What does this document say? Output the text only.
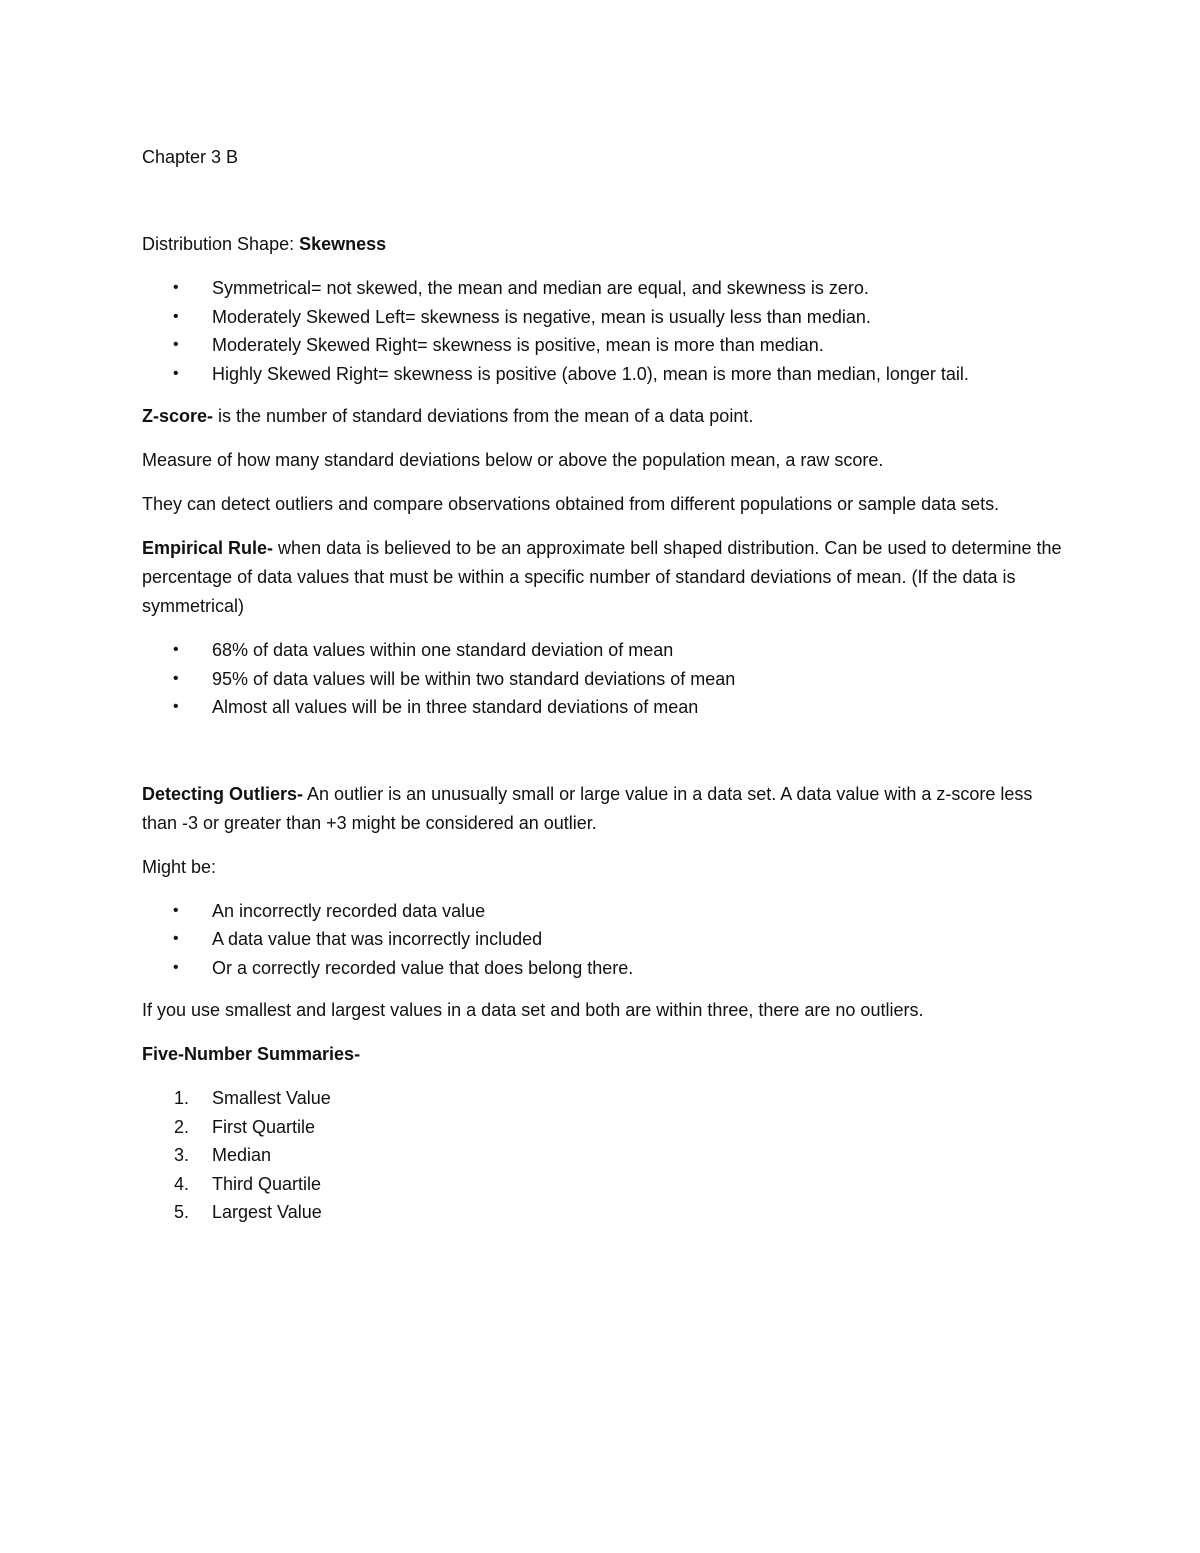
Chapter 3 B

Distribution Shape: Skewness

• Symmetrical= not skewed, the mean and median are equal, and skewness is zero.
• Moderately Skewed Left= skewness is negative, mean is usually less than median.
• Moderately Skewed Right= skewness is positive, mean is more than median.
• Highly Skewed Right= skewness is positive (above 1.0), mean is more than median, longer tail.

Z-score- is the number of standard deviations from the mean of a data point.

Measure of how many standard deviations below or above the population mean, a raw score.

They can detect outliers and compare observations obtained from different populations or sample data sets.

Empirical Rule- when data is believed to be an approximate bell shaped distribution. Can be used to determine the percentage of data values that must be within a specific number of standard deviations of mean. (If the data is symmetrical)

• 68% of data values within one standard deviation of mean
• 95% of data values will be within two standard deviations of mean
• Almost all values will be in three standard deviations of mean

Detecting Outliers- An outlier is an unusually small or large value in a data set. A data value with a z-score less than -3 or greater than +3 might be considered an outlier.

Might be:

• An incorrectly recorded data value
• A data value that was incorrectly included
• Or a correctly recorded value that does belong there.

If you use smallest and largest values in a data set and both are within three, there are no outliers.

Five-Number Summaries-

1. Smallest Value
2. First Quartile
3. Median
4. Third Quartile
5. Largest Value
